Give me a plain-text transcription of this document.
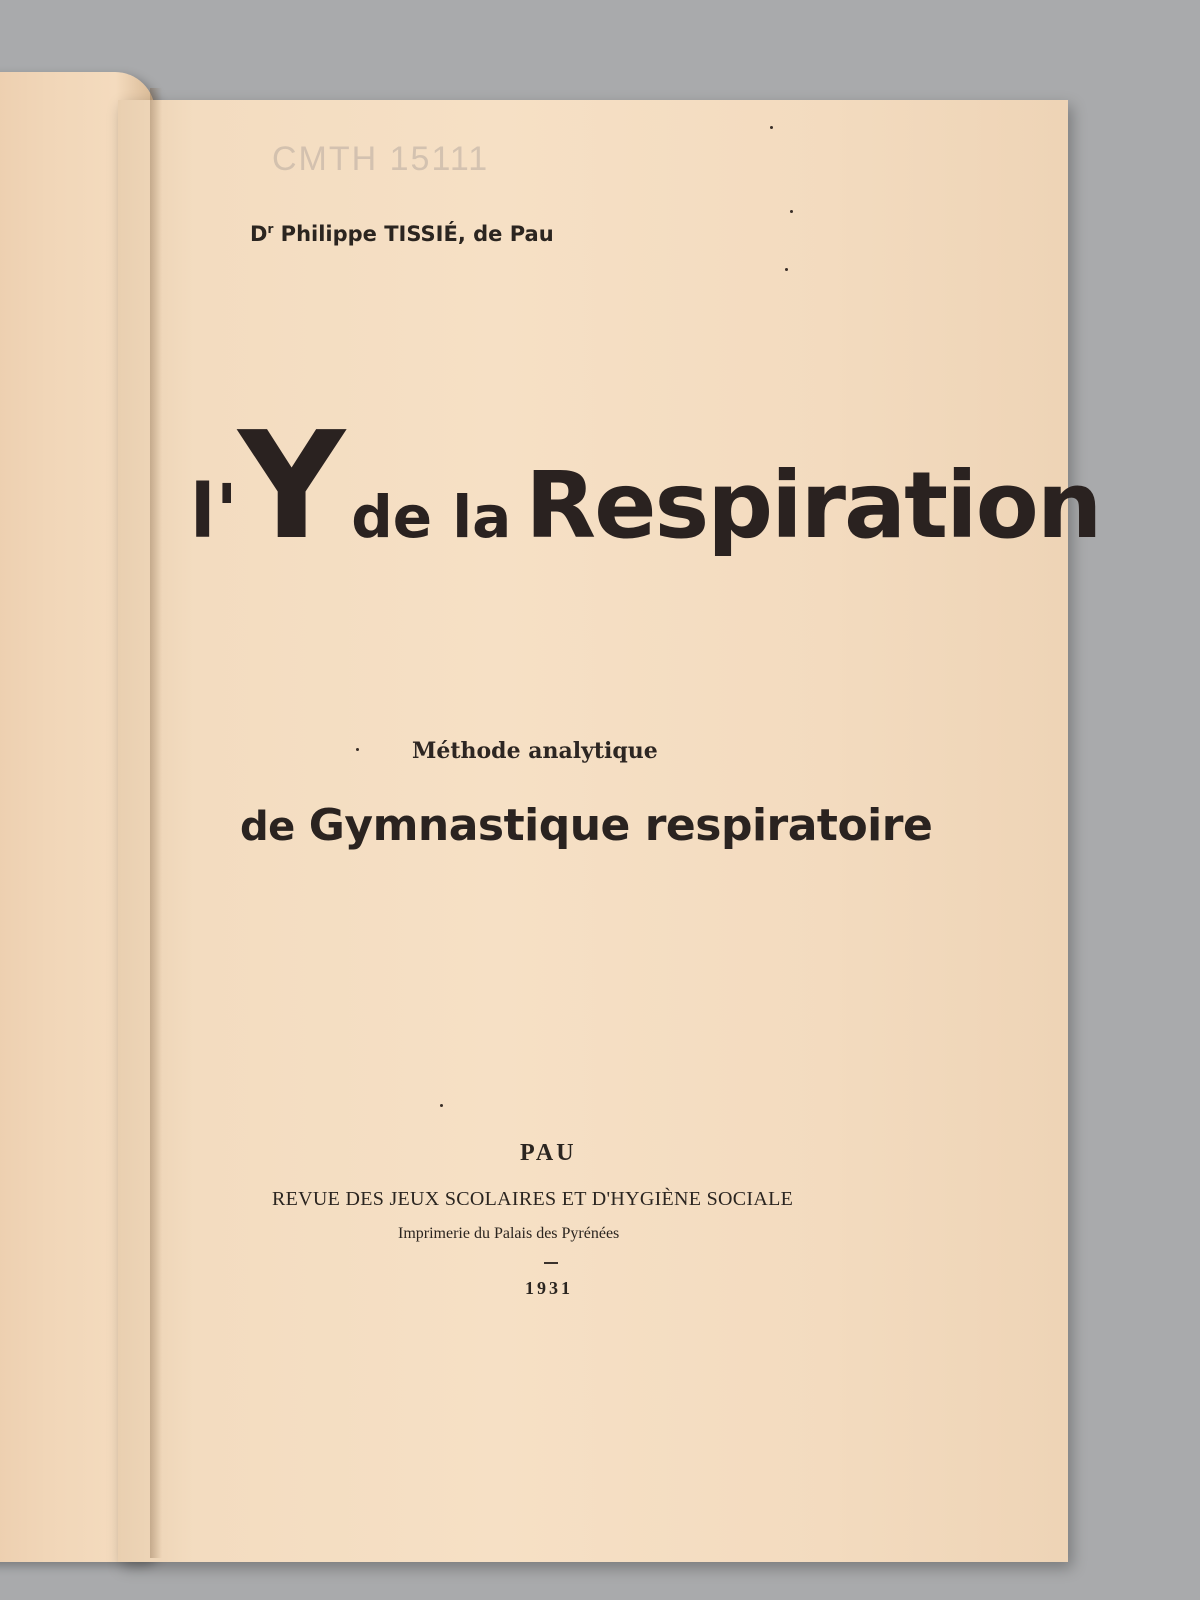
CMTH 15111
$D^r$ Philippe TISSIÉ, de Pau
l' Y de la Respiration
Méthode analytique
de Gymnastique respiratoire
PAU
REVUE DES JEUX SCOLAIRES ET D'HYGIÈNE SOCIALE
Imprimerie du Palais des Pyrénées
1931
